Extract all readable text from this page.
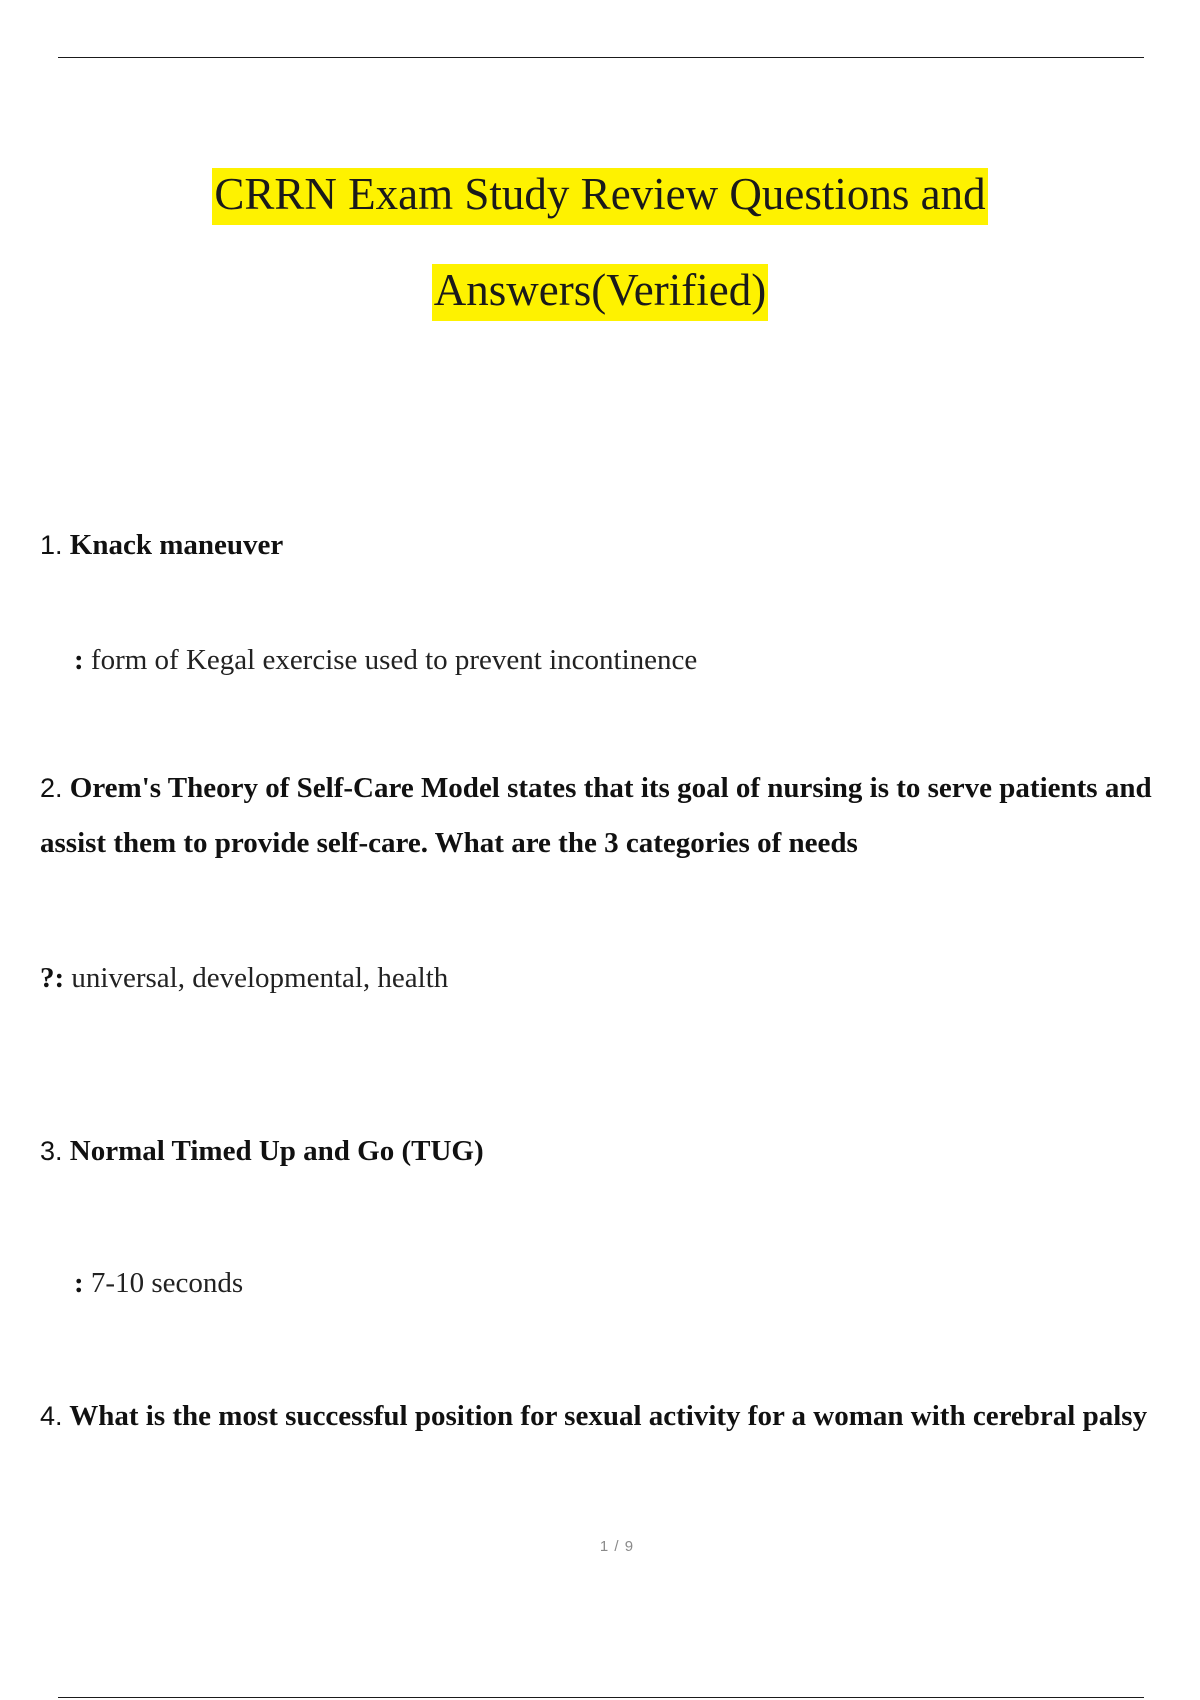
CRRN Exam Study Review Questions and
Answers(Verified)
1. Knack maneuver
: form of Kegal exercise used to prevent incontinence
2. Orem's Theory of Self-Care Model states that its goal of nursing is to serve patients and assist them to provide self-care. What are the 3 categories of needs
?: universal, developmental, health
3. Normal Timed Up and Go (TUG)
: 7-10 seconds
4. What is the most successful position for sexual activity for a woman with cerebral palsy
1 / 9
